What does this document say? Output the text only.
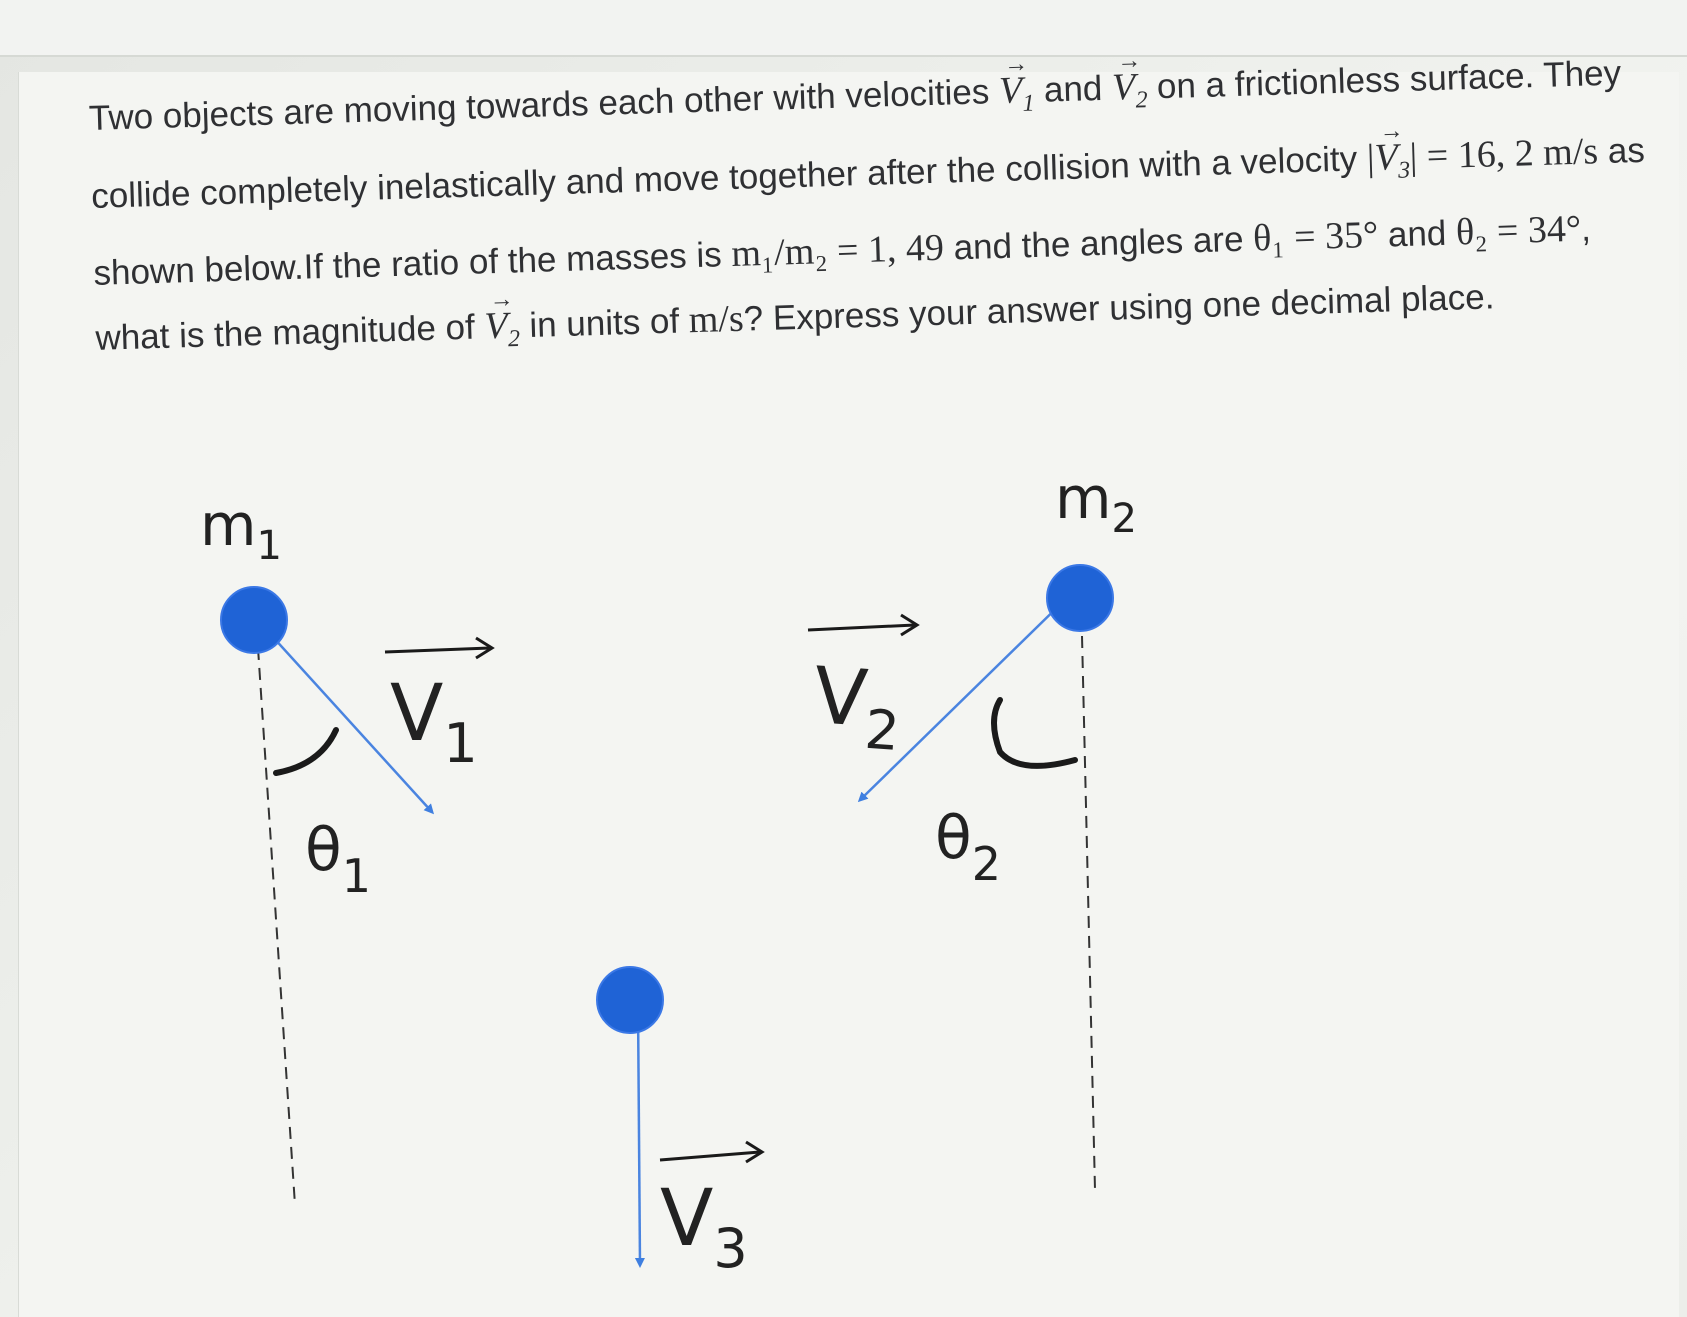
Two objects are moving towards each other with velocities → $V_1$ and → $V_2$ on a frictionless surface. They collide completely inelastically and move together after the collision with a velocity |→ $V_3| = 16$, 2 m/s as shown below.If the ratio of the masses is m₁/m₂ = 1, 49 and the angles are θ₁ = 35° and θ₂ = 34°, what is the magnitude of → $V_2$ in units of m/s? Express your answer using one decimal place.

$m_1$
$m_2$
$V_1$	$V_2$
$V_3$
$\theta_1$
$\theta_2$
